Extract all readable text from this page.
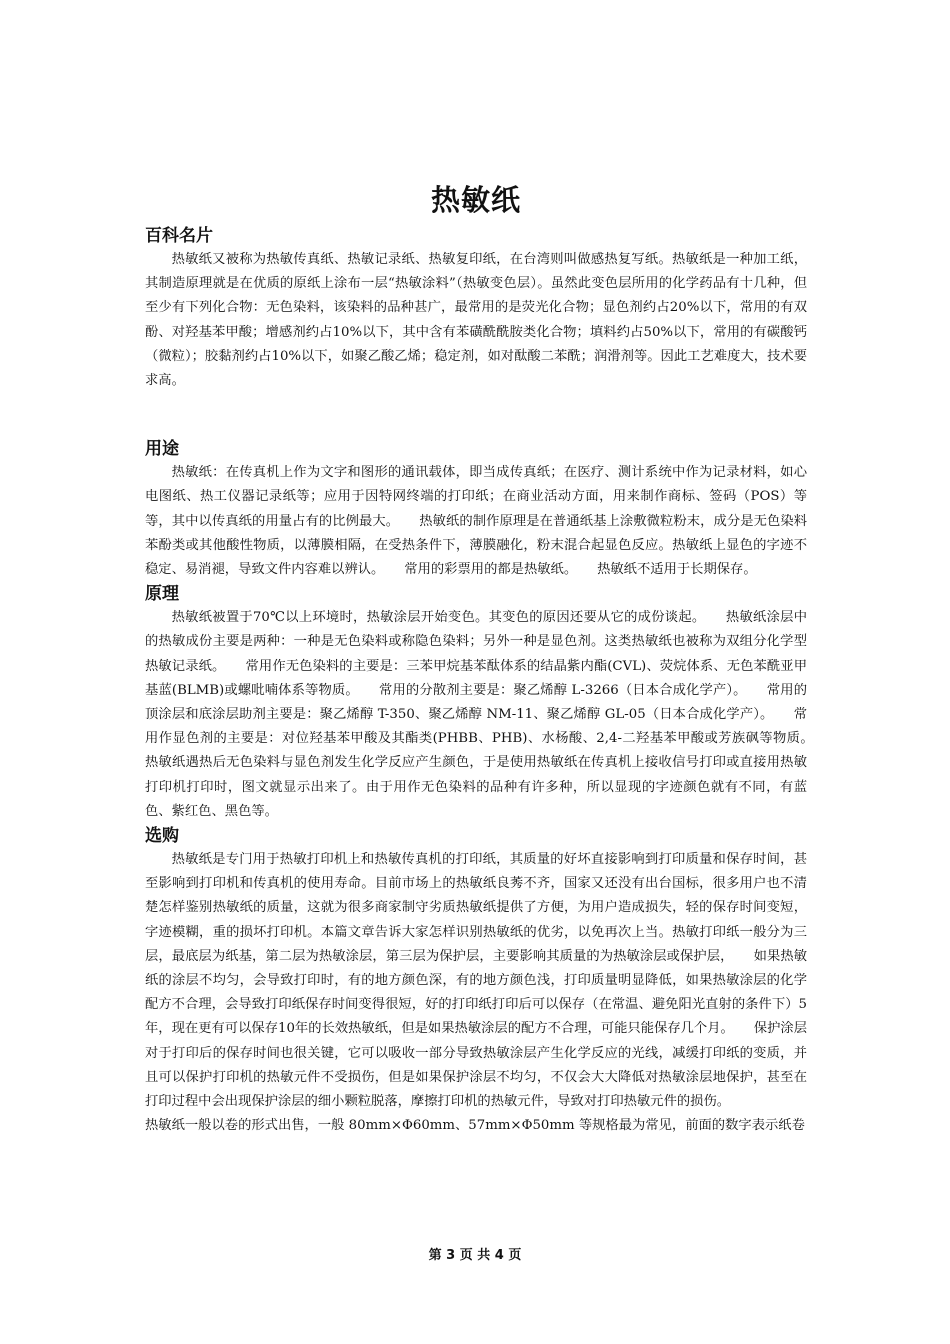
热敏纸
百科名片

热敏纸又被称为热敏传真纸、热敏记录纸、热敏复印纸，在台湾则叫做感热复写纸。热敏纸是一种加工纸，其制造原理就是在优质的原纸上涂布一层“热敏涂料”（热敏变色层）。虽然此变色层所用的化学药品有十几种，但至少有下列化合物：无色染料，该染料的品种甚广，最常用的是荧光化合物；显色剂约占20%以下，常用的有双酚、对羟基苯甲酸；增感剂约占10%以下，其中含有苯磺酰酰胺类化合物；填料约占50%以下，常用的有碳酸钙（微粒）；胶黏剂约占10%以下，如聚乙酸乙烯；稳定剂，如对酞酸二苯酰；润滑剂等。因此工艺难度大，技术要求高。

用途

热敏纸：在传真机上作为文字和图形的通讯载体，即当成传真纸；在医疗、测计系统中作为记录材料，如心电图纸、热工仪器记录纸等；应用于因特网终端的打印纸；在商业活动方面，用来制作商标、签码（POS）等等，其中以传真纸的用量占有的比例最大。　　热敏纸的制作原理是在普通纸基上涂敷微粒粉末，成分是无色染料苯酚类或其他酸性物质，以薄膜相隔，在受热条件下，薄膜融化，粉末混合起显色反应。热敏纸上显色的字迹不稳定、易消褪，导致文件内容难以辨认。　　常用的彩票用的都是热敏纸。　　热敏纸不适用于长期保存。

原理

热敏纸被置于70℃以上环境时，热敏涂层开始变色。其变色的原因还要从它的成份谈起。　　热敏纸涂层中的热敏成份主要是两种：一种是无色染料或称隐色染料；另外一种是显色剂。这类热敏纸也被称为双组分化学型热敏记录纸。　　常用作无色染料的主要是：三苯甲烷基苯酞体系的结晶紫内酯(CVL)、荧烷体系、无色苯酰亚甲基蓝(BLMB)或螺吡喃体系等物质。　　常用的分散剂主要是：聚乙烯醇 L-3266（日本合成化学产）。　　常用的顶涂层和底涂层助剂主要是：聚乙烯醇 T-350、聚乙烯醇 NM-11、聚乙烯醇 GL-05（日本合成化学产）。　　常用作显色剂的主要是：对位羟基苯甲酸及其酯类(PHBB、PHB)、水杨酸、2,4-二羟基苯甲酸或芳族砜等物质。　　热敏纸遇热后无色染料与显色剂发生化学反应产生颜色，于是使用热敏纸在传真机上接收信号打印或直接用热敏打印机打印时，图文就显示出来了。由于用作无色染料的品种有许多种，所以显现的字迹颜色就有不同，有蓝色、紫红色、黑色等。

选购

热敏纸是专门用于热敏打印机上和热敏传真机的打印纸，其质量的好坏直接影响到打印质量和保存时间，甚至影响到打印机和传真机的使用寿命。目前市场上的热敏纸良莠不齐，国家又还没有出台国标，很多用户也不清楚怎样鉴别热敏纸的质量，这就为很多商家制守劣质热敏纸提供了方便，为用户造成损失，轻的保存时间变短，字迹模糊，重的损坏打印机。本篇文章告诉大家怎样识别热敏纸的优劣，以免再次上当。热敏打印纸一般分为三层，最底层为纸基，第二层为热敏涂层，第三层为保护层，主要影响其质量的为热敏涂层或保护层，　　如果热敏纸的涂层不均匀，会导致打印时，有的地方颜色深，有的地方颜色浅，打印质量明显降低，如果热敏涂层的化学配方不合理，会导致打印纸保存时间变得很短，好的打印纸打印后可以保存（在常温、避免阳光直射的条件下）5年，现在更有可以保存10年的长效热敏纸，但是如果热敏涂层的配方不合理，可能只能保存几个月。　　保护涂层对于打印后的保存时间也很关键，它可以吸收一部分导致热敏涂层产生化学反应的光线，减缓打印纸的变质，并且可以保护打印机的热敏元件不受损伤，但是如果保护涂层不均匀，不仅会大大降低对热敏涂层地保护，甚至在打印过程中会出现保护涂层的细小颗粒脱落，摩擦打印机的热敏元件，导致对打印热敏元件的损伤。

热敏纸一般以卷的形式出售，一般 80mm×Φ60mm、57mm×Φ50mm 等规格最为常见，前面的数字表示纸卷

第 3 页 共 4 页
